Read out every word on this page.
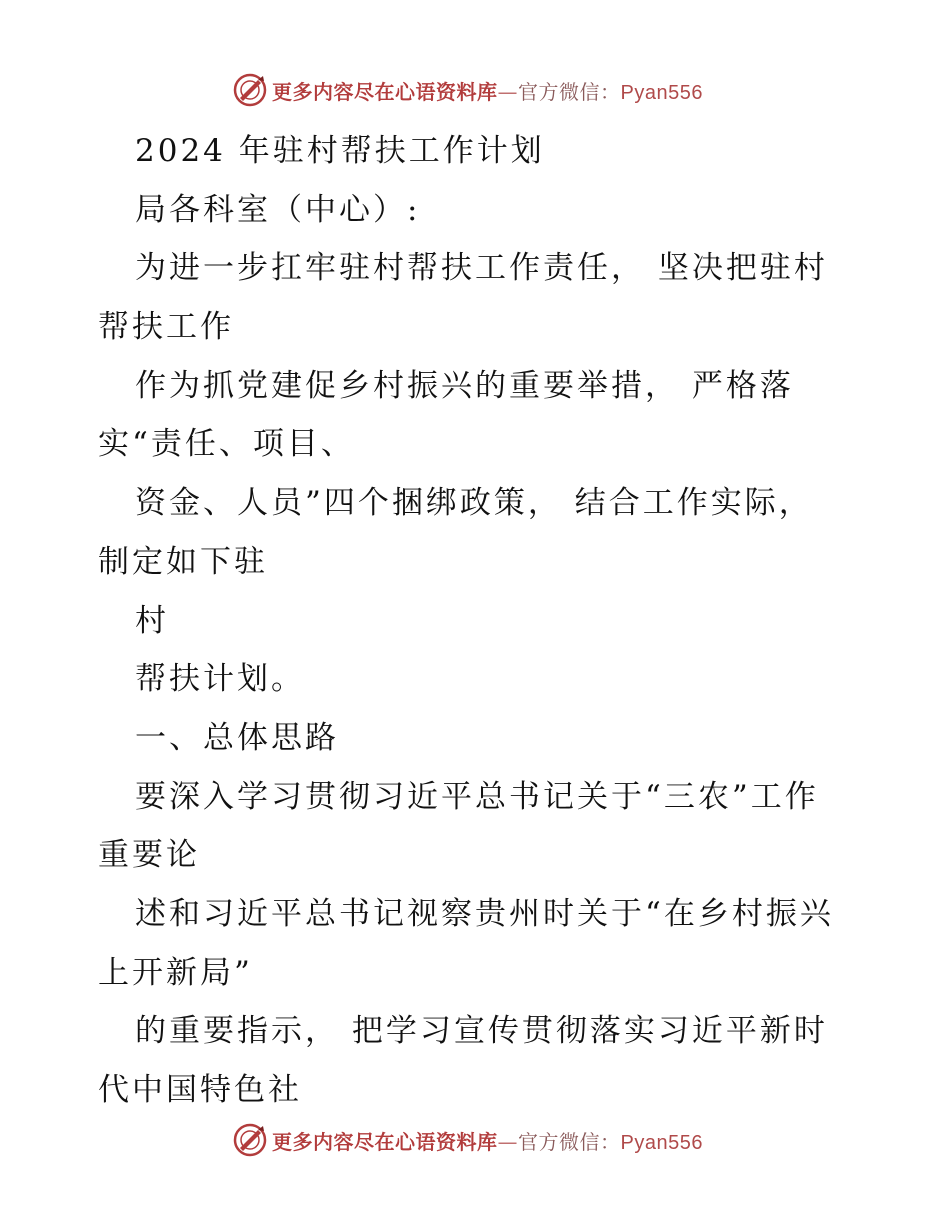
更多内容尽在心语资料库—官方微信：Pyan556
2024 年驻村帮扶工作计划
局各科室（中心）:
为进一步扛牢驻村帮扶工作责任， 坚决把驻村
帮扶工作
作为抓党建促乡村振兴的重要举措， 严格落
实“责任、项目、
资金、人员”四个捆绑政策， 结合工作实际，
制定如下驻
村
帮扶计划。
一、总体思路
要深入学习贯彻习近平总书记关于“三农”工作
重要论
述和习近平总书记视察贵州时关于“在乡村振兴
上开新局”
的重要指示， 把学习宣传贯彻落实习近平新时
代中国特色社
更多内容尽在心语资料库—官方微信：Pyan556
